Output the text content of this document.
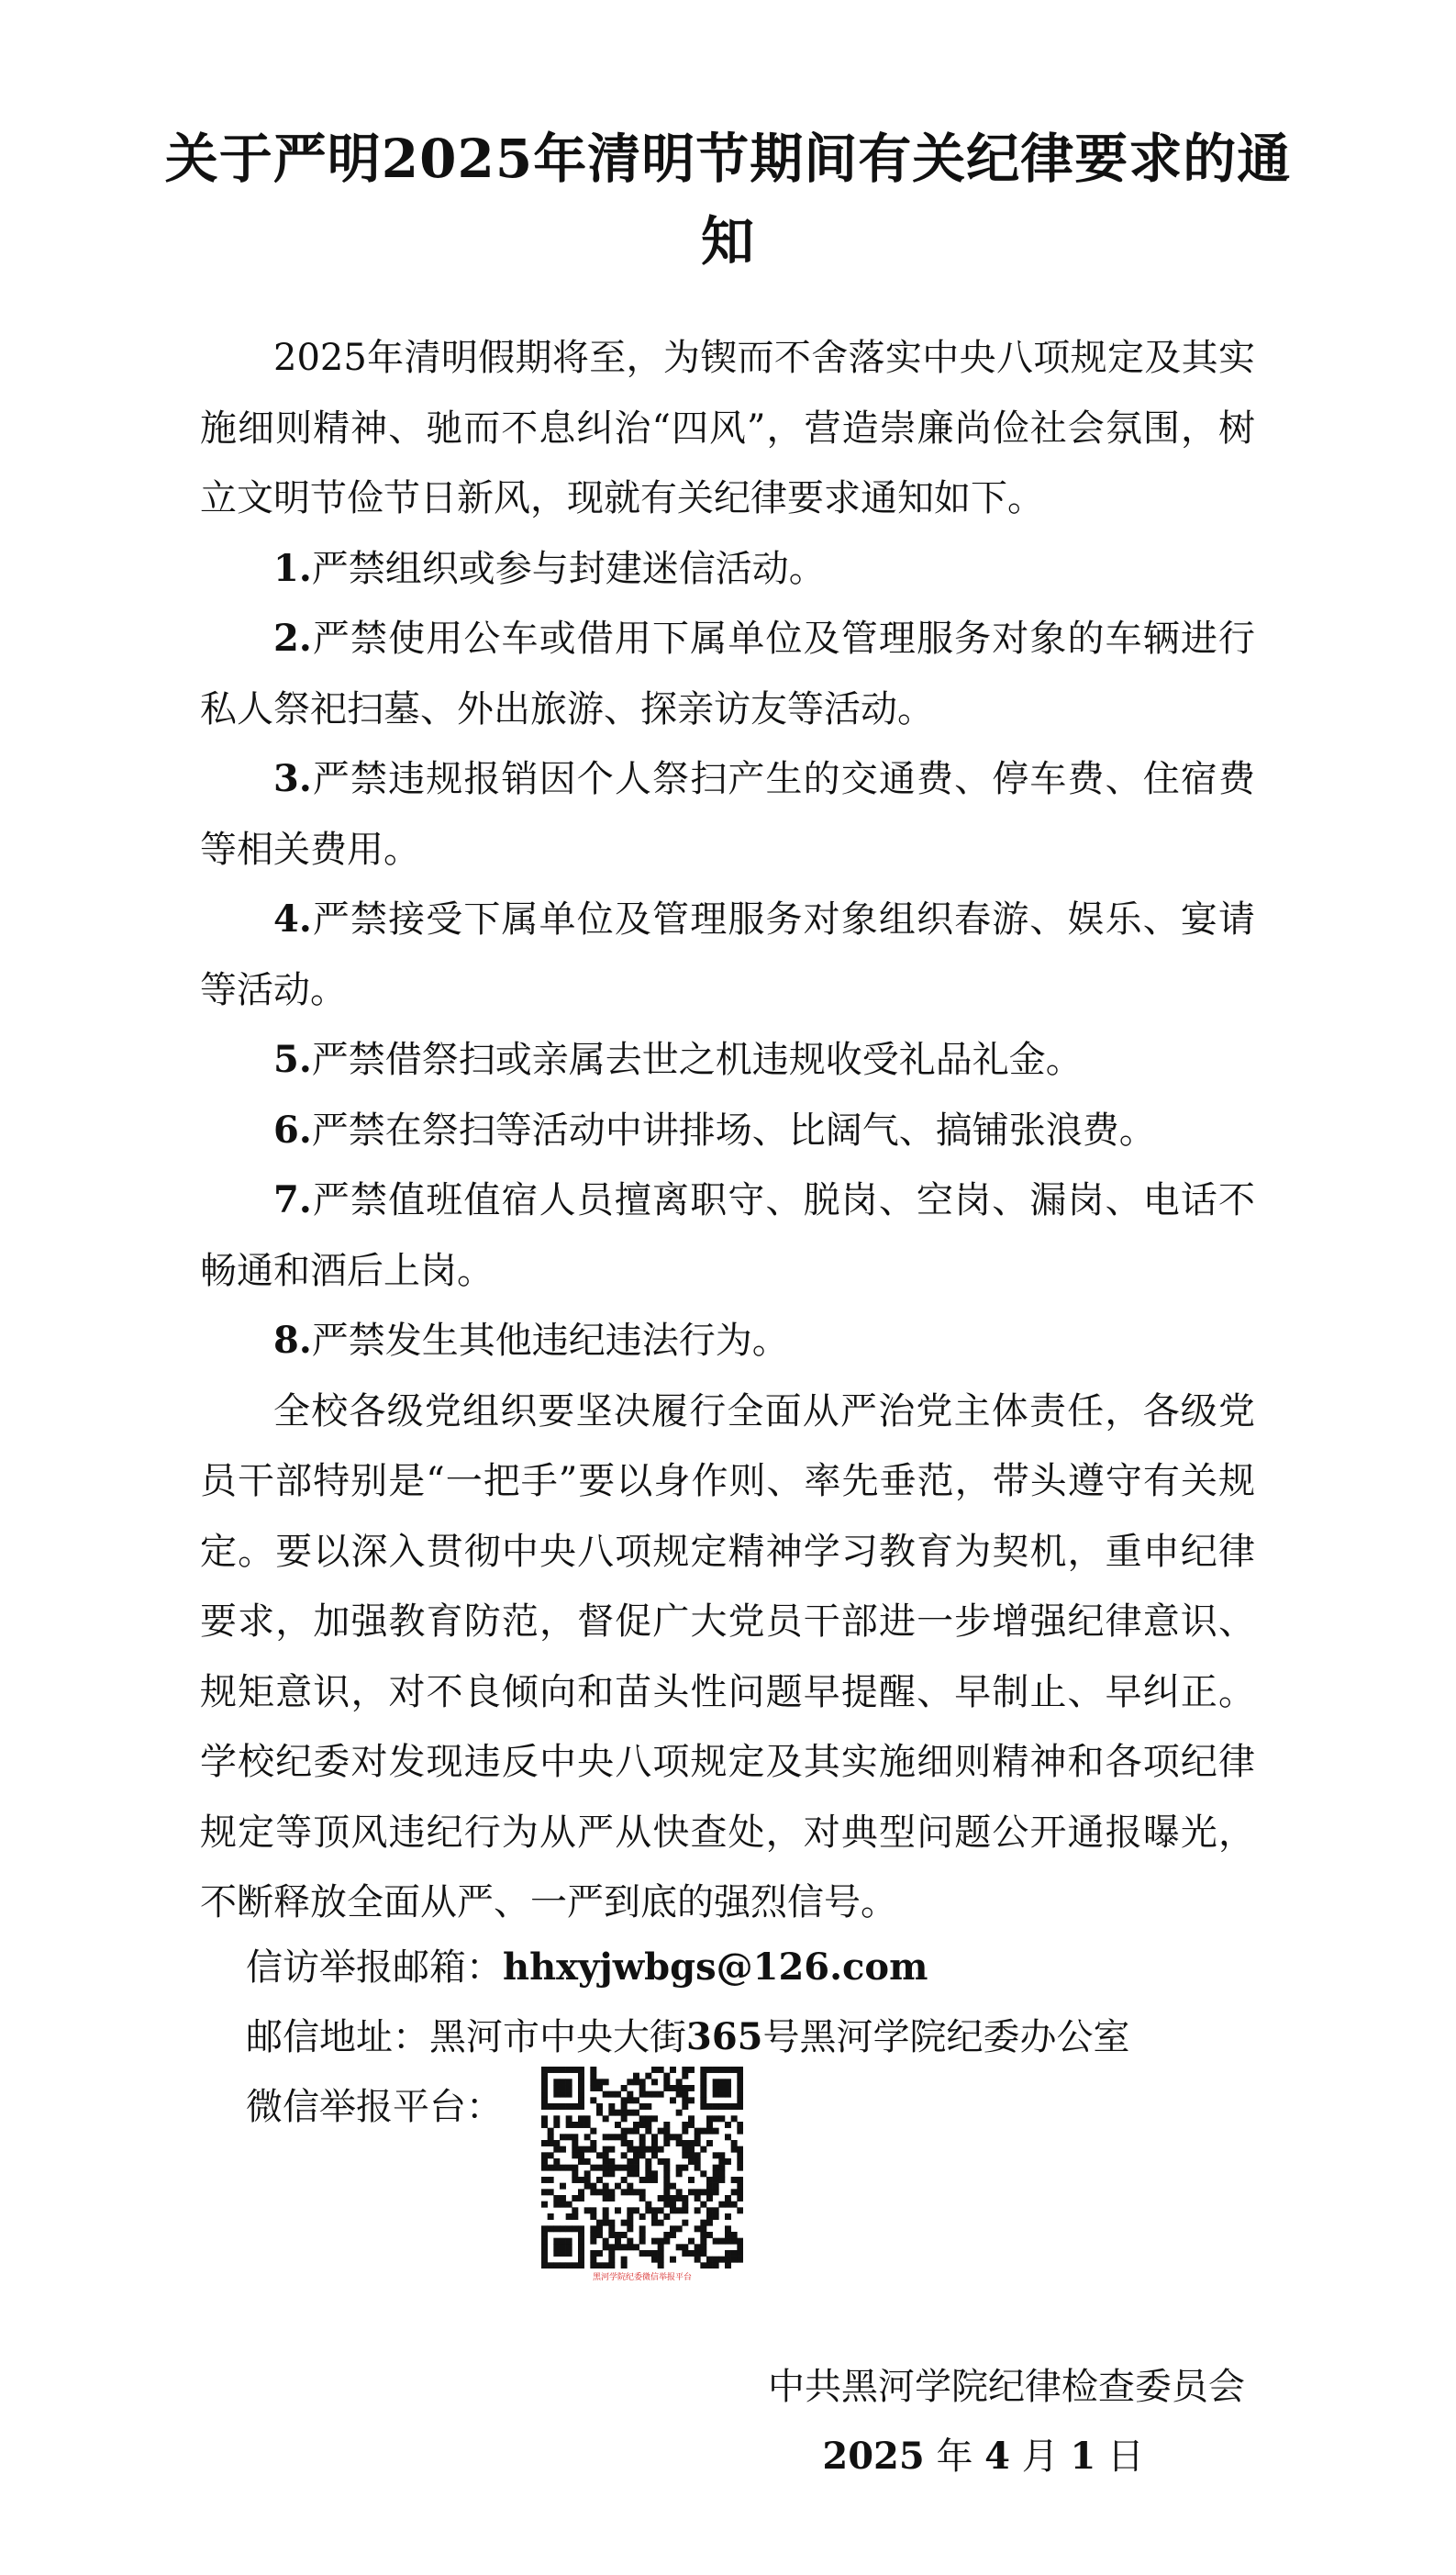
关于严明2025年清明节期间有关纪律要求的通知

2025年清明假期将至，为锲而不舍落实中央八项规定及其实施细则精神、驰而不息纠治“四风”，营造崇廉尚俭社会氛围，树立文明节俭节日新风，现就有关纪律要求通知如下。

1.严禁组织或参与封建迷信活动。

2.严禁使用公车或借用下属单位及管理服务对象的车辆进行私人祭祀扫墓、外出旅游、探亲访友等活动。

3.严禁违规报销因个人祭扫产生的交通费、停车费、住宿费等相关费用。

4.严禁接受下属单位及管理服务对象组织春游、娱乐、宴请等活动。

5.严禁借祭扫或亲属去世之机违规收受礼品礼金。

6.严禁在祭扫等活动中讲排场、比阔气、搞铺张浪费。

7.严禁值班值宿人员擅离职守、脱岗、空岗、漏岗、电话不畅通和酒后上岗。

8.严禁发生其他违纪违法行为。

全校各级党组织要坚决履行全面从严治党主体责任，各级党员干部特别是“一把手”要以身作则、率先垂范，带头遵守有关规定。要以深入贯彻中央八项规定精神学习教育为契机，重申纪律要求，加强教育防范，督促广大党员干部进一步增强纪律意识、规矩意识，对不良倾向和苗头性问题早提醒、早制止、早纠正。学校纪委对发现违反中央八项规定及其实施细则精神和各项纪律规定等顶风违纪行为从严从快查处，对典型问题公开通报曝光，不断释放全面从严、一严到底的强烈信号。

信访举报邮箱：hhxyjwbgs@126.com
邮信地址：黑河市中央大街365号黑河学院纪委办公室
微信举报平台：
黑河学院纪委微信举报平台
中共黑河学院纪律检查委员会
2025 年 4 月 1 日
